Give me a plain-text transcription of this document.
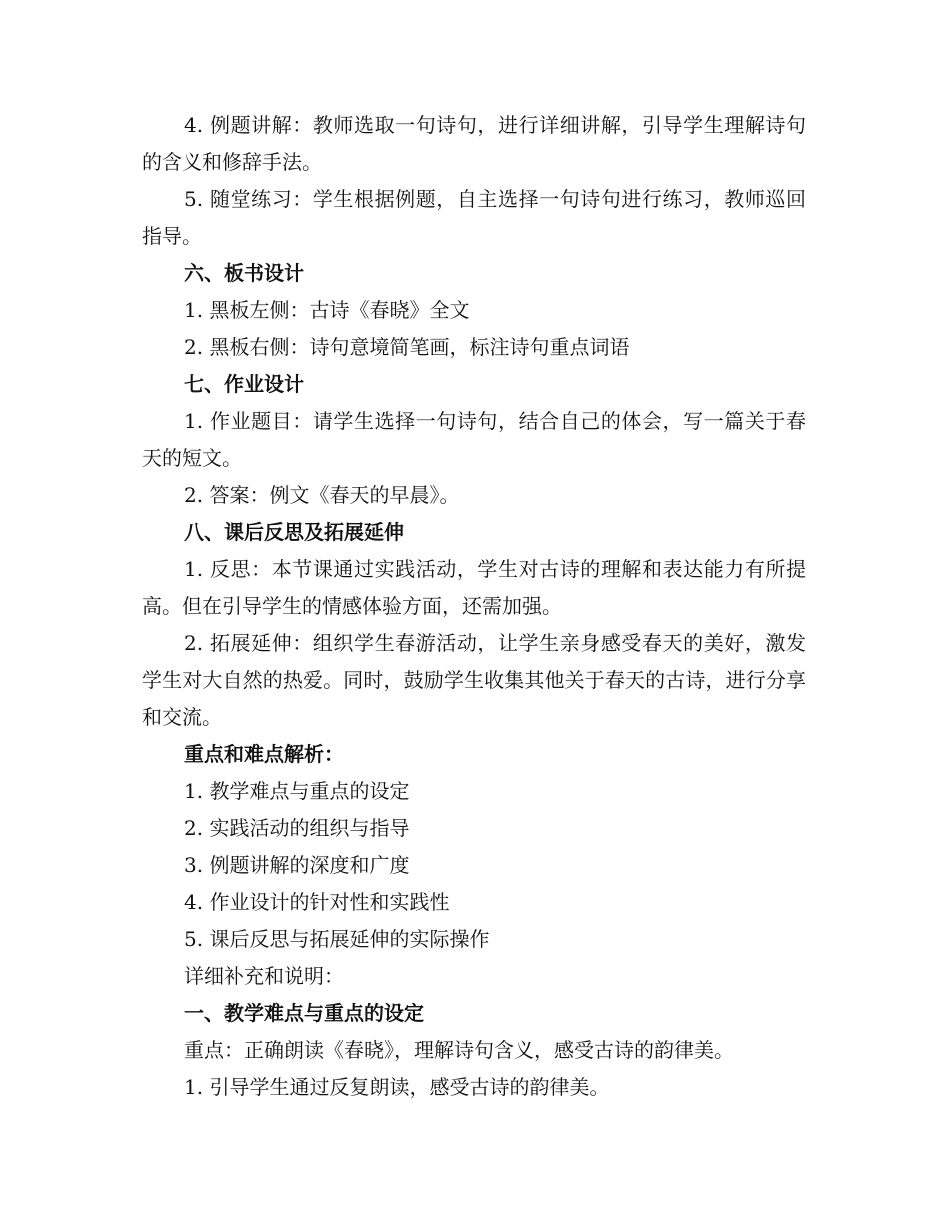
4. 例题讲解：教师选取一句诗句，进行详细讲解，引导学生理解诗句的含义和修辞手法。

5. 随堂练习：学生根据例题，自主选择一句诗句进行练习，教师巡回指导。

六、板书设计

1. 黑板左侧：古诗《春晓》全文

2. 黑板右侧：诗句意境简笔画，标注诗句重点词语

七、作业设计

1. 作业题目：请学生选择一句诗句，结合自己的体会，写一篇关于春天的短文。

2. 答案：例文《春天的早晨》。

八、课后反思及拓展延伸

1. 反思：本节课通过实践活动，学生对古诗的理解和表达能力有所提高。但在引导学生的情感体验方面，还需加强。

2. 拓展延伸：组织学生春游活动，让学生亲身感受春天的美好，激发学生对大自然的热爱。同时，鼓励学生收集其他关于春天的古诗，进行分享和交流。

重点和难点解析：

1. 教学难点与重点的设定

2. 实践活动的组织与指导

3. 例题讲解的深度和广度

4. 作业设计的针对性和实践性

5. 课后反思与拓展延伸的实际操作

详细补充和说明：

一、教学难点与重点的设定

重点：正确朗读《春晓》，理解诗句含义，感受古诗的韵律美。

1. 引导学生通过反复朗读，感受古诗的韵律美。
